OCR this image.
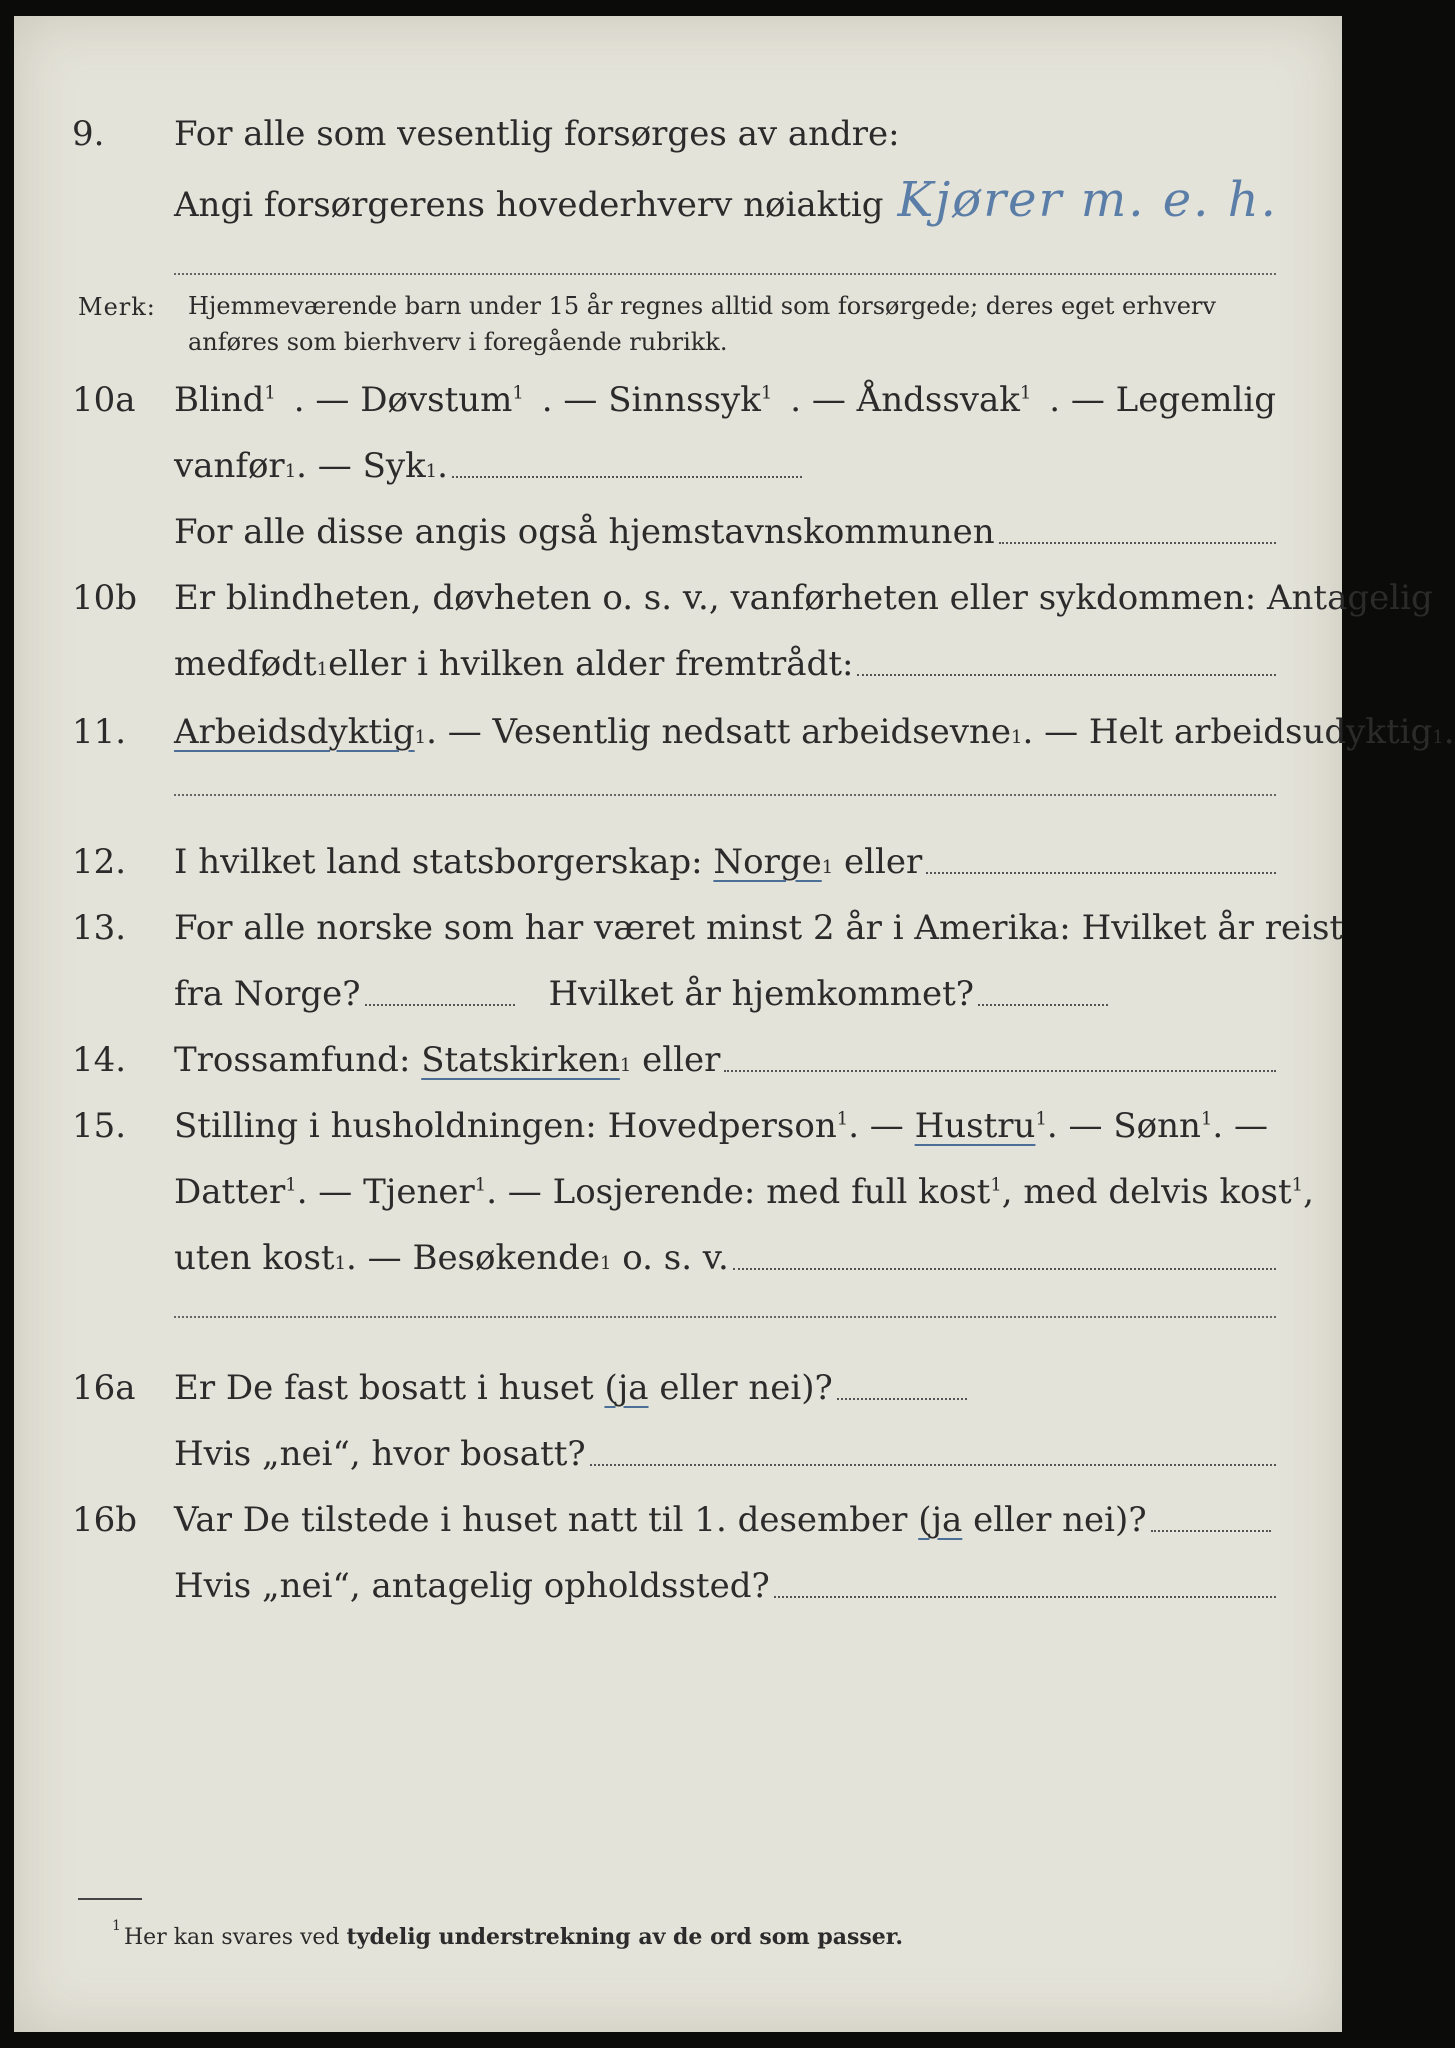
9.	For alle som vesentlig forsørges av andre:
Angi forsørgerens hovederhverv nøiaktig Kjører m. e. h.
Merk: Hjemmeværende barn under 15 år regnes alltid som forsørgede; deres eget erhverv
anføres som bierhverv i foregående rubrikk.
10a	Blind$^1$ . — Døvstum$^1$ . — Sinnssyk$^1$ . — Åndssvak$^1$ . — Legemlig
vanfør 1 . — Syk 1 .
For alle disse angis også hjemstavnskommunen
10b	Er blindheten, døvheten o. s. v., vanførheten eller sykdommen: Antagelig
medfødt 1 eller i hvilken alder fremtrådt:
11.	Arbeidsdyktig 1 . — Vesentlig nedsatt arbeidsevne 1 . — Helt arbeidsudyktig 1 .
12.	I hvilket land statsborgerskap: Norge 1 eller
13.	For alle norske som har været minst 2 år i Amerika: Hvilket år reist
fra Norge?	Hvilket år hjemkommet?
14.	Trossamfund: Statskirken 1 eller
15.	Stilling i husholdningen: Hovedperson$^1$. — Hustru$^1$. — Sønn$^1$. —
Datter$^1$. — Tjener$^1$. — Losjerende: med full kost$^1$, med delvis kost$^1$,
uten kost 1 . — Besøkende 1 o. s. v.
16a	Er De fast bosatt i huset (ja eller nei)?
Hvis „nei“, hvor bosatt?
16b	Var De tilstede i huset natt til 1. desember (ja eller nei)?
Hvis „nei“, antagelig opholdssted?
1 Her kan svares ved tydelig understrekning av de ord som passer.
